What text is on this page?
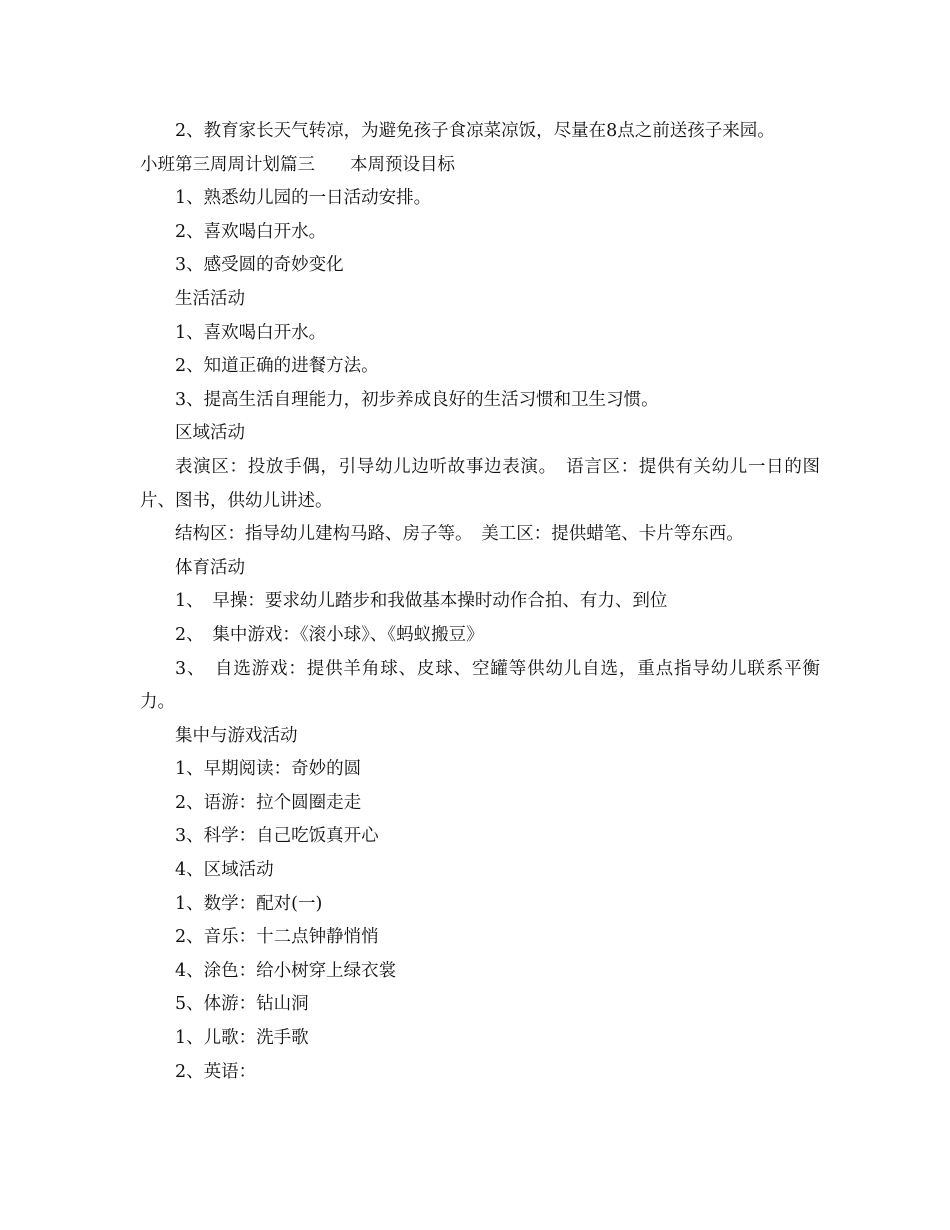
2、教育家长天气转凉，为避免孩子食凉菜凉饭，尽量在8点之前送孩子来园。
小班第三周周计划篇三　　本周预设目标
1、熟悉幼儿园的一日活动安排。
2、喜欢喝白开水。
3、感受圆的奇妙变化
生活活动
1、喜欢喝白开水。
2、知道正确的进餐方法。
3、提高生活自理能力，初步养成良好的生活习惯和卫生习惯。
区域活动
表演区：投放手偶，引导幼儿边听故事边表演。　语言区：提供有关幼儿一日的图片、图书，供幼儿讲述。
结构区：指导幼儿建构马路、房子等。　美工区：提供蜡笔、卡片等东西。
体育活动
1、　早操：要求幼儿踏步和我做基本操时动作合拍、有力、到位
2、　集中游戏：《滚小球》、《蚂蚁搬豆》
3、　自选游戏：提供羊角球、皮球、空罐等供幼儿自选，重点指导幼儿联系平衡力。
集中与游戏活动
1、早期阅读：奇妙的圆
2、语游：拉个圆圈走走
3、科学：自己吃饭真开心
4、区域活动
1、数学：配对(一)
2、音乐：十二点钟静悄悄
4、涂色：给小树穿上绿衣裳
5、体游：钻山洞
1、儿歌：洗手歌
2、英语：
